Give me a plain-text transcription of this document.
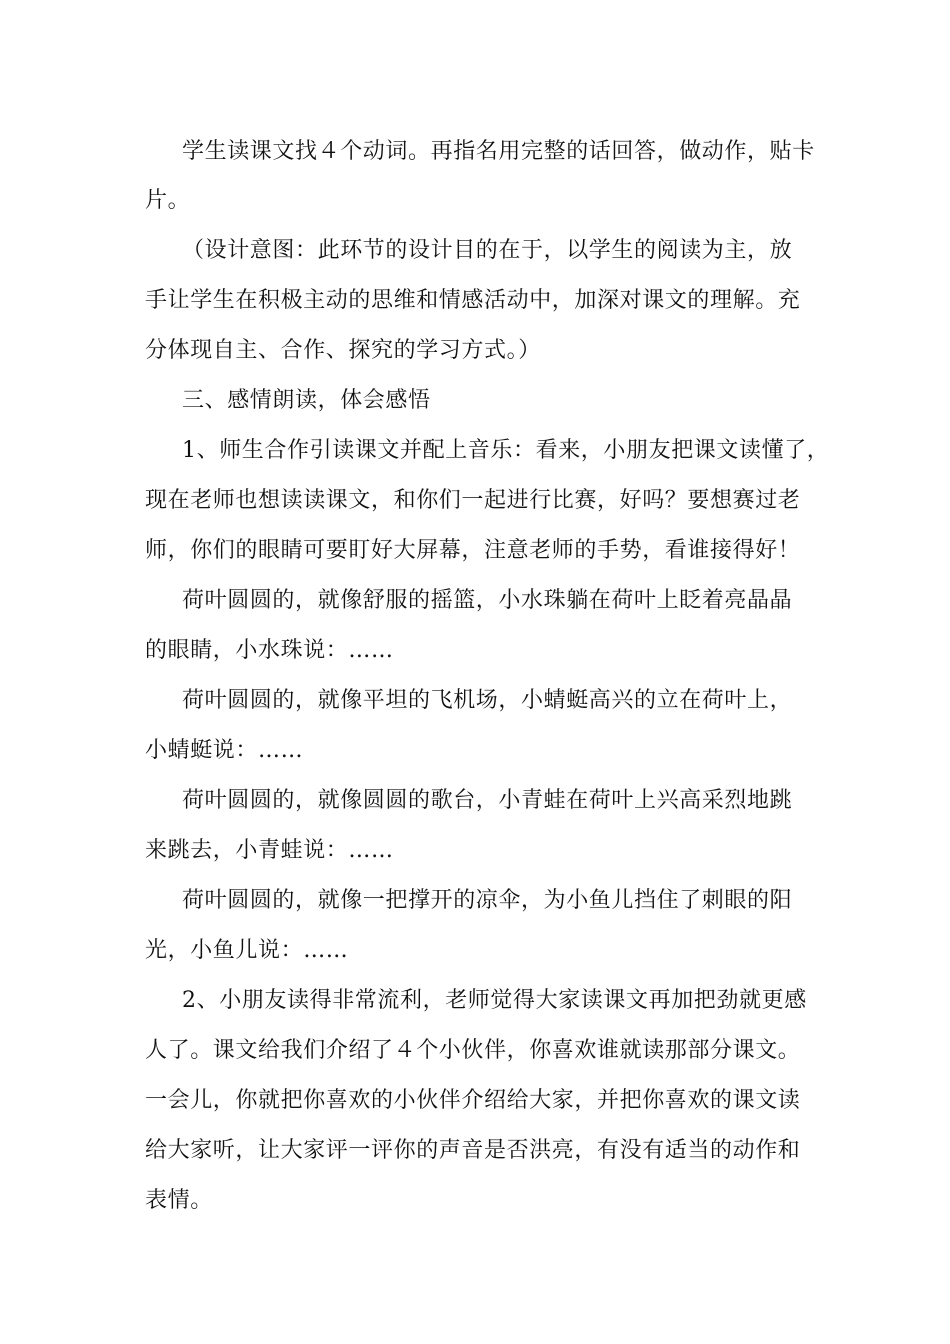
学生读课文找４个动词。再指名用完整的话回答，做动作，贴卡
片。
（设计意图：此环节的设计目的在于，以学生的阅读为主，放
手让学生在积极主动的思维和情感活动中，加深对课文的理解。充
分体现自主、合作、探究的学习方式。）
三、感情朗读，体会感悟
1、师生合作引读课文并配上音乐：看来，小朋友把课文读懂了，
现在老师也想读读课文，和你们一起进行比赛，好吗？要想赛过老
师，你们的眼睛可要盯好大屏幕，注意老师的手势，看谁接得好！
荷叶圆圆的，就像舒服的摇篮，小水珠躺在荷叶上眨着亮晶晶
的眼睛，小水珠说：……
荷叶圆圆的，就像平坦的飞机场，小蜻蜓高兴的立在荷叶上，
小蜻蜓说：……
荷叶圆圆的，就像圆圆的歌台，小青蛙在荷叶上兴高采烈地跳
来跳去，小青蛙说：……
荷叶圆圆的，就像一把撑开的凉伞，为小鱼儿挡住了刺眼的阳
光，小鱼儿说：……
2、小朋友读得非常流利，老师觉得大家读课文再加把劲就更感
人了。课文给我们介绍了４个小伙伴，你喜欢谁就读那部分课文。
一会儿，你就把你喜欢的小伙伴介绍给大家，并把你喜欢的课文读
给大家听，让大家评一评你的声音是否洪亮，有没有适当的动作和
表情。
